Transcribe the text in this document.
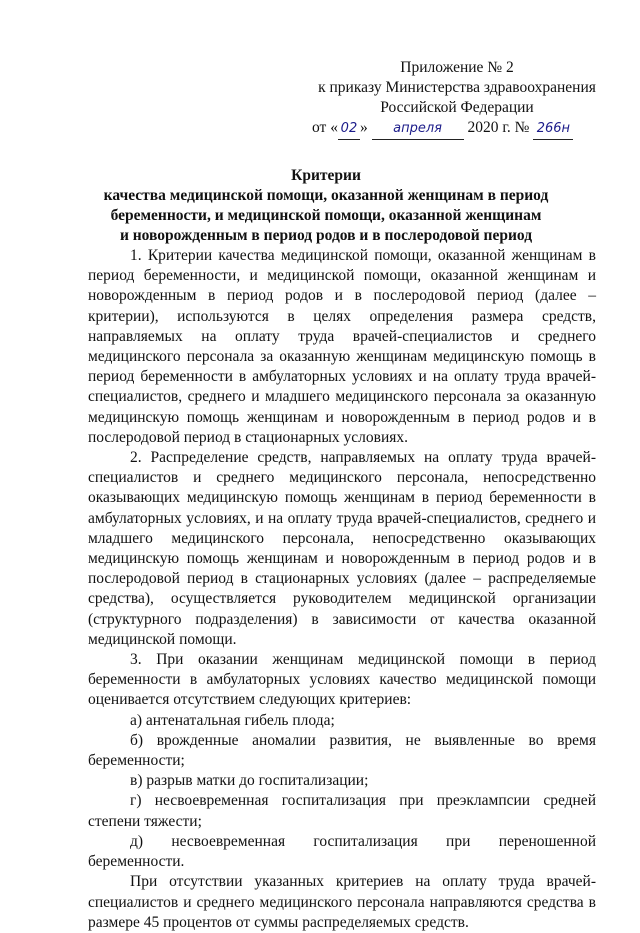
Приложение № 2
к приказу Министерства здравоохранения
Российской Федерации
от « 02 » апреля 2020 г. № 266н
Критерии
качества медицинской помощи, оказанной женщинам в период
беременности, и медицинской помощи, оказанной женщинам
и новорожденным в период родов и в послеродовой период

1. Критерии качества медицинской помощи, оказанной женщинам в период беременности, и медицинской помощи, оказанной женщинам и новорожденным в период родов и в послеродовой период (далее – критерии), используются в целях определения размера средств, направляемых на оплату труда врачей-специалистов и среднего медицинского персонала за оказанную женщинам медицинскую помощь в период беременности в амбулаторных условиях и на оплату труда врачей-специалистов, среднего и младшего медицинского персонала за оказанную медицинскую помощь женщинам и новорожденным в период родов и в послеродовой период в стационарных условиях.

2. Распределение средств, направляемых на оплату труда врачей-специалистов и среднего медицинского персонала, непосредственно оказывающих медицинскую помощь женщинам в период беременности в амбулаторных условиях, и на оплату труда врачей-специалистов, среднего и младшего медицинского персонала, непосредственно оказывающих медицинскую помощь женщинам и новорожденным в период родов и в послеродовой период в стационарных условиях (далее – распределяемые средства), осуществляется руководителем медицинской организации (структурного подразделения) в зависимости от качества оказанной медицинской помощи.

3. При оказании женщинам медицинской помощи в период беременности в амбулаторных условиях качество медицинской помощи оценивается отсутствием следующих критериев:

а) антенатальная гибель плода;

б) врожденные аномалии развития, не выявленные во время беременности;

в) разрыв матки до госпитализации;

г) несвоевременная госпитализация при преэклампсии средней степени тяжести;

д) несвоевременная госпитализация при переношенной беременности.

При отсутствии указанных критериев на оплату труда врачей-специалистов и среднего медицинского персонала направляются средства в размере 45 процентов от суммы распределяемых средств.
